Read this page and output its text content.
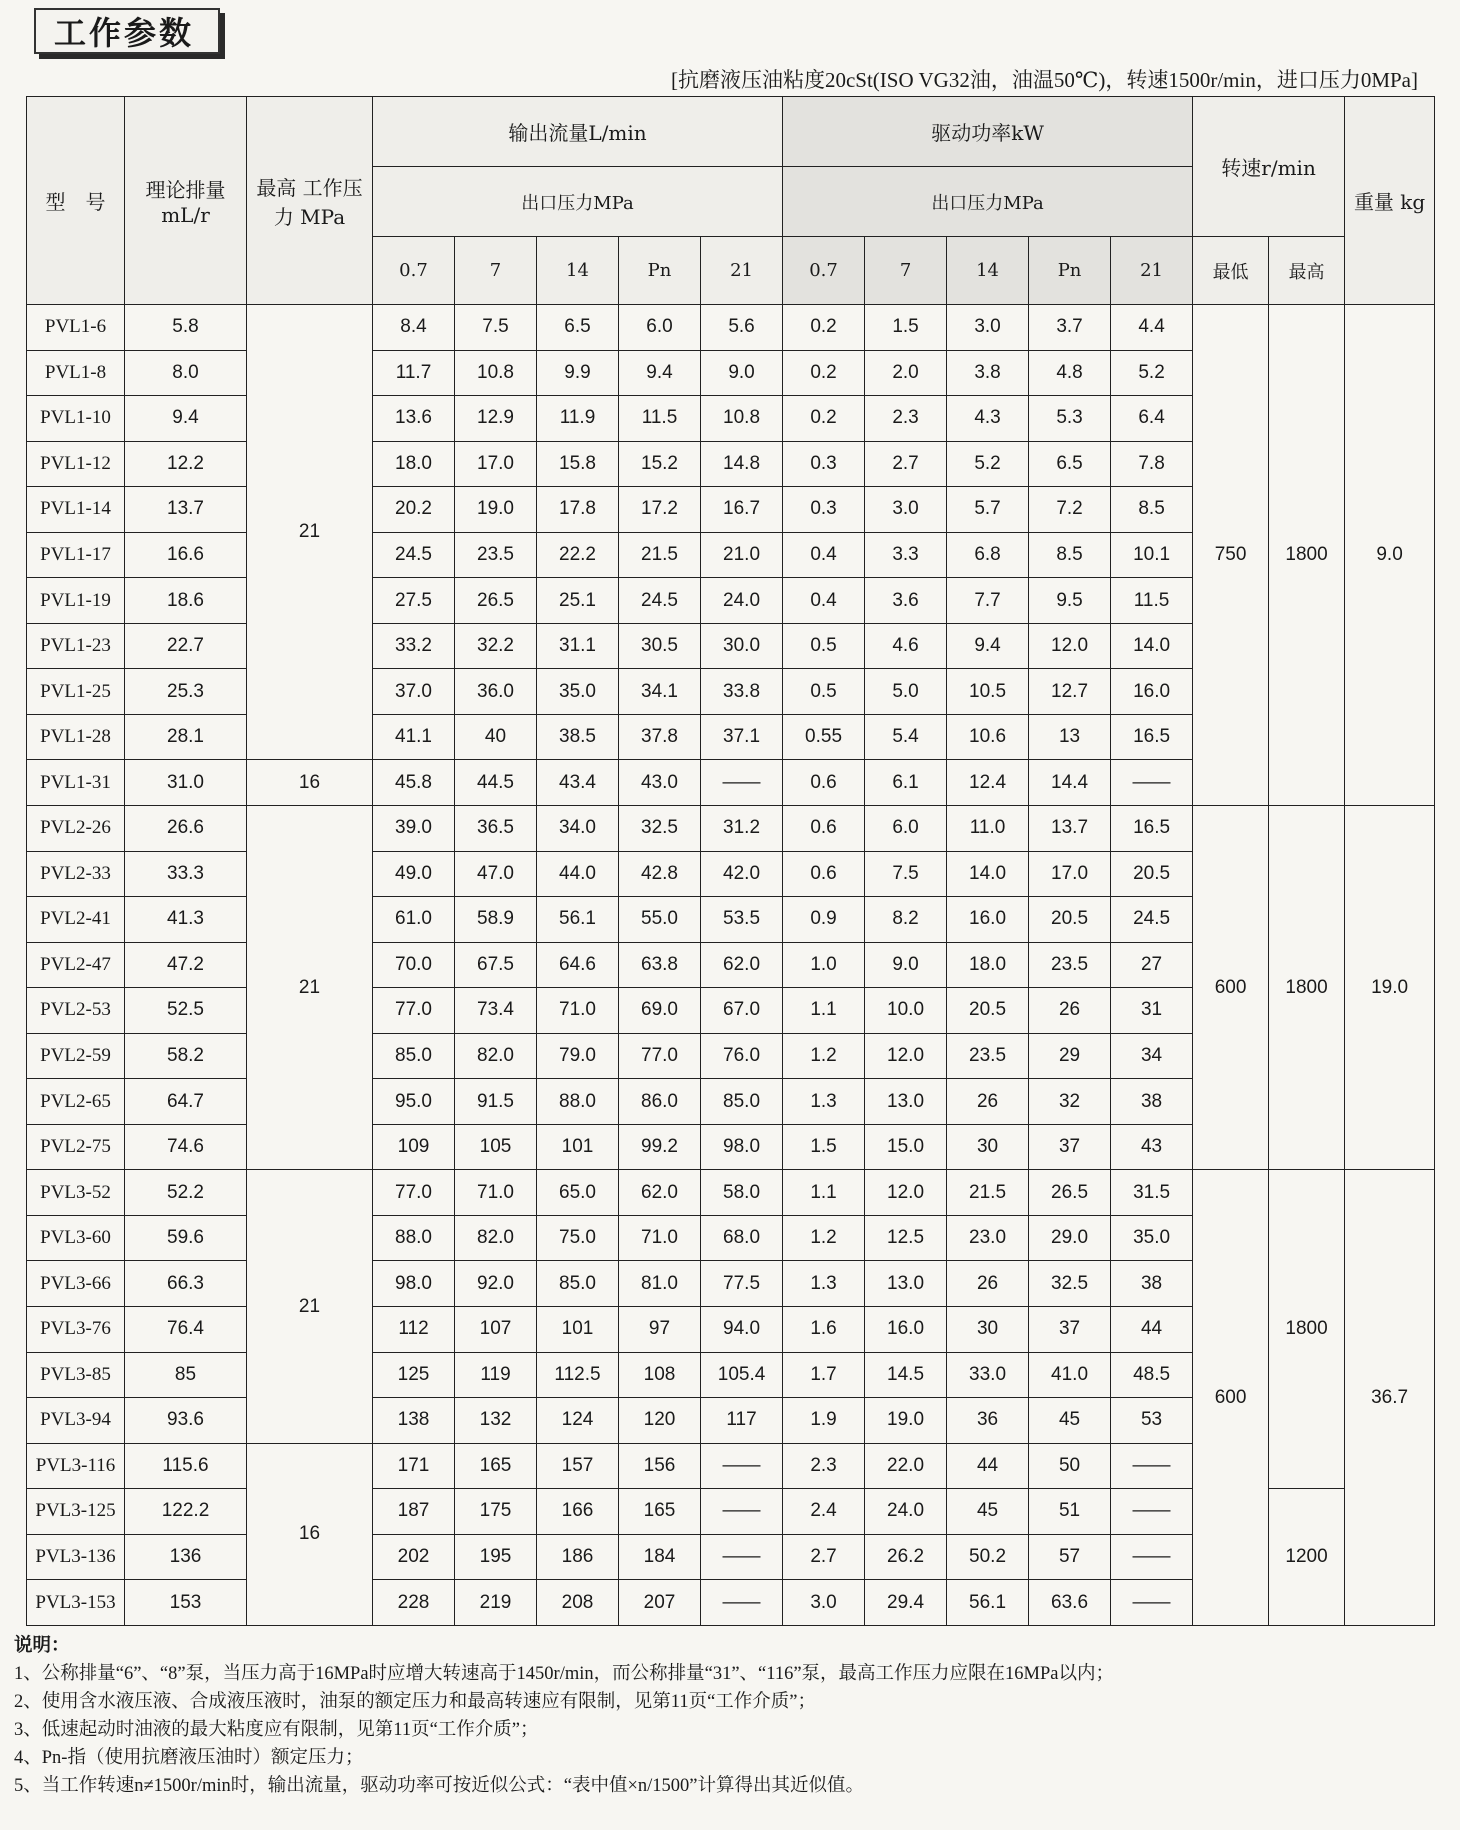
工作参数
[抗磨液压油粘度20cSt(ISO VG32油，油温50℃)，转速1500r/min，进口压力0MPa]
型　号	理论排量 mL/r	最高 工作压力 MPa	输出流量L/min					驱动功率kW					转速r/min		重量 kg
			出口压力MPa					出口压力MPa							
			0.7	7	14	Pn	21	0.7	7	14	Pn	21	最低	最高	
PVL1-6	5.8	21	8.4	7.5	6.5	6.0	5.6	0.2	1.5	3.0	3.7	4.4	750	1800	9.0
PVL1-8	8.0		11.7	10.8	9.9	9.4	9.0	0.2	2.0	3.8	4.8	5.2			
PVL1-10	9.4		13.6	12.9	11.9	11.5	10.8	0.2	2.3	4.3	5.3	6.4			
PVL1-12	12.2		18.0	17.0	15.8	15.2	14.8	0.3	2.7	5.2	6.5	7.8			
PVL1-14	13.7		20.2	19.0	17.8	17.2	16.7	0.3	3.0	5.7	7.2	8.5			
PVL1-17	16.6		24.5	23.5	22.2	21.5	21.0	0.4	3.3	6.8	8.5	10.1			
PVL1-19	18.6		27.5	26.5	25.1	24.5	24.0	0.4	3.6	7.7	9.5	11.5			
PVL1-23	22.7		33.2	32.2	31.1	30.5	30.0	0.5	4.6	9.4	12.0	14.0			
PVL1-25	25.3		37.0	36.0	35.0	34.1	33.8	0.5	5.0	10.5	12.7	16.0			
PVL1-28	28.1		41.1	40	38.5	37.8	37.1	0.55	5.4	10.6	13	16.5			
PVL1-31	31.0	16	45.8	44.5	43.4	43.0	——	0.6	6.1	12.4	14.4	——			
PVL2-26	26.6	21	39.0	36.5	34.0	32.5	31.2	0.6	6.0	11.0	13.7	16.5	600	1800	19.0
PVL2-33	33.3		49.0	47.0	44.0	42.8	42.0	0.6	7.5	14.0	17.0	20.5			
PVL2-41	41.3		61.0	58.9	56.1	55.0	53.5	0.9	8.2	16.0	20.5	24.5			
PVL2-47	47.2		70.0	67.5	64.6	63.8	62.0	1.0	9.0	18.0	23.5	27			
PVL2-53	52.5		77.0	73.4	71.0	69.0	67.0	1.1	10.0	20.5	26	31			
PVL2-59	58.2		85.0	82.0	79.0	77.0	76.0	1.2	12.0	23.5	29	34			
PVL2-65	64.7		95.0	91.5	88.0	86.0	85.0	1.3	13.0	26	32	38			
PVL2-75	74.6		109	105	101	99.2	98.0	1.5	15.0	30	37	43			
PVL3-52	52.2	21	77.0	71.0	65.0	62.0	58.0	1.1	12.0	21.5	26.5	31.5	600	1800	36.7
PVL3-60	59.6		88.0	82.0	75.0	71.0	68.0	1.2	12.5	23.0	29.0	35.0			
PVL3-66	66.3		98.0	92.0	85.0	81.0	77.5	1.3	13.0	26	32.5	38			
PVL3-76	76.4		112	107	101	97	94.0	1.6	16.0	30	37	44			
PVL3-85	85		125	119	112.5	108	105.4	1.7	14.5	33.0	41.0	48.5			
PVL3-94	93.6		138	132	124	120	117	1.9	19.0	36	45	53			
PVL3-116	115.6	16	171	165	157	156	——	2.3	22.0	44	50	——			
PVL3-125	122.2		187	175	166	165	——	2.4	24.0	45	51	——		1200	
PVL3-136	136		202	195	186	184	——	2.7	26.2	50.2	57	——			
PVL3-153	153		228	219	208	207	——	3.0	29.4	56.1	63.6	——			
说明：
1、公称排量“6”、“8”泵，当压力高于16MPa时应增大转速高于1450r/min，而公称排量“31”、“116”泵，最高工作压力应限在16MPa以内；
2、使用含水液压液、合成液压液时，油泵的额定压力和最高转速应有限制，见第11页“工作介质”；
3、低速起动时油液的最大粘度应有限制，见第11页“工作介质”；
4、Pn-指（使用抗磨液压油时）额定压力；
5、当工作转速n≠1500r/min时，输出流量，驱动功率可按近似公式：“表中值×n/1500”计算得出其近似值。
